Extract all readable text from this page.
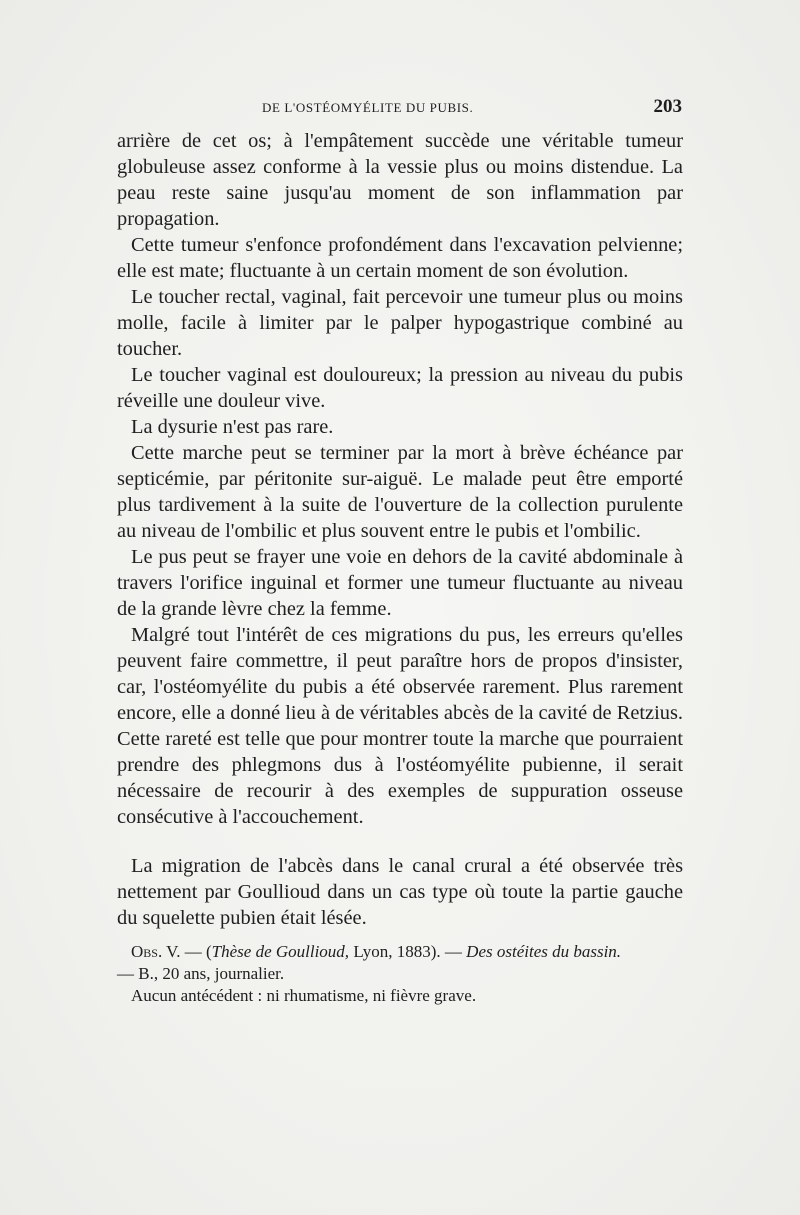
DE L'OSTÉOMYÉLITE DU PUBIS.	203

arrière de cet os; à l'empâtement succède une véritable tumeur globuleuse assez conforme à la vessie plus ou moins distendue. La peau reste saine jusqu'au moment de son inflammation par propagation.

Cette tumeur s'enfonce profondément dans l'excavation pelvienne; elle est mate; fluctuante à un certain moment de son évolution.

Le toucher rectal, vaginal, fait percevoir une tumeur plus ou moins molle, facile à limiter par le palper hypogastrique combiné au toucher.

Le toucher vaginal est douloureux; la pression au niveau du pubis réveille une douleur vive.

La dysurie n'est pas rare.

Cette marche peut se terminer par la mort à brève échéance par septicémie, par péritonite sur-aiguë. Le malade peut être emporté plus tardivement à la suite de l'ouverture de la collection purulente au niveau de l'ombilic et plus souvent entre le pubis et l'ombilic.

Le pus peut se frayer une voie en dehors de la cavité abdominale à travers l'orifice inguinal et former une tumeur fluctuante au niveau de la grande lèvre chez la femme.

Malgré tout l'intérêt de ces migrations du pus, les erreurs qu'elles peuvent faire commettre, il peut paraître hors de propos d'insister, car, l'ostéomyélite du pubis a été observée rarement. Plus rarement encore, elle a donné lieu à de véritables abcès de la cavité de Retzius. Cette rareté est telle que pour montrer toute la marche que pourraient prendre des phlegmons dus à l'ostéomyélite pubienne, il serait nécessaire de recourir à des exemples de suppuration osseuse consécutive à l'accouchement.

La migration de l'abcès dans le canal crural a été observée très nettement par Goullioud dans un cas type où toute la partie gauche du squelette pubien était lésée.

Obs. V. — (Thèse de Goullioud, Lyon, 1883). — Des ostéites du bassin.

— B., 20 ans, journalier.

Aucun antécédent : ni rhumatisme, ni fièvre grave.
